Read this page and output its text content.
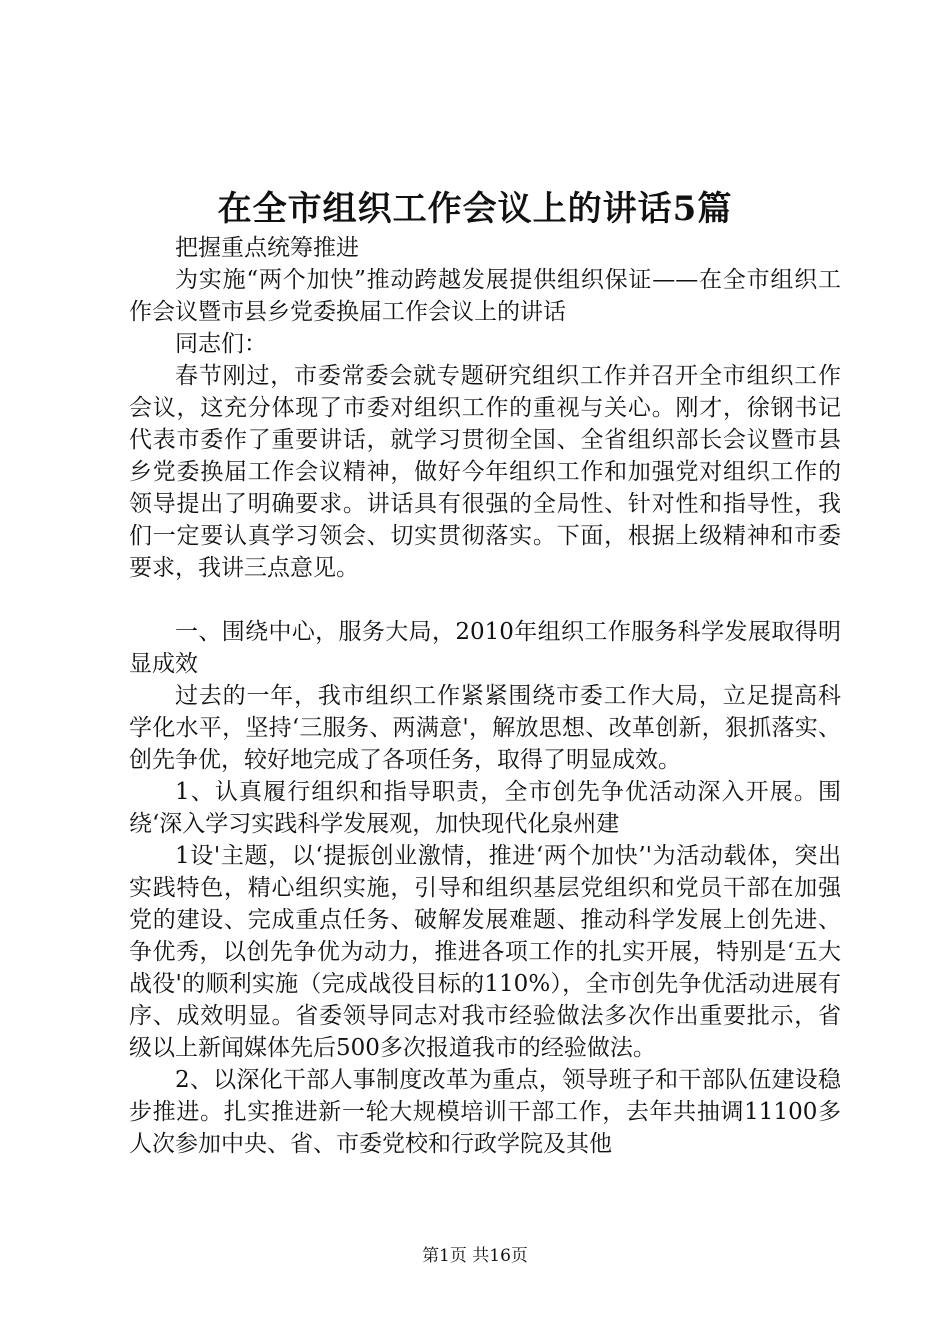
在全市组织工作会议上的讲话5篇

把握重点统筹推进

为实施“两个加快”推动跨越发展提供组织保证——在全市组织工作会议暨市县乡党委换届工作会议上的讲话

同志们：

春节刚过，市委常委会就专题研究组织工作并召开全市组织工作会议，这充分体现了市委对组织工作的重视与关心。刚才，徐钢书记代表市委作了重要讲话，就学习贯彻全国、全省组织部长会议暨市县乡党委换届工作会议精神，做好今年组织工作和加强党对组织工作的领导提出了明确要求。讲话具有很强的全局性、针对性和指导性，我们一定要认真学习领会、切实贯彻落实。下面，根据上级精神和市委要求，我讲三点意见。

一、围绕中心，服务大局，2010年组织工作服务科学发展取得明显成效

过去的一年，我市组织工作紧紧围绕市委工作大局，立足提高科学化水平，坚持‘三服务、两满意'，解放思想、改革创新，狠抓落实、创先争优，较好地完成了各项任务，取得了明显成效。

1、认真履行组织和指导职责，全市创先争优活动深入开展。围绕‘深入学习实践科学发展观，加快现代化泉州建

1设'主题，以‘提振创业激情，推进‘两个加快’'为活动载体，突出实践特色，精心组织实施，引导和组织基层党组织和党员干部在加强党的建设、完成重点任务、破解发展难题、推动科学发展上创先进、争优秀，以创先争优为动力，推进各项工作的扎实开展，特别是‘五大战役'的顺利实施（完成战役目标的110%），全市创先争优活动进展有序、成效明显。省委领导同志对我市经验做法多次作出重要批示，省级以上新闻媒体先后500多次报道我市的经验做法。

2、以深化干部人事制度改革为重点，领导班子和干部队伍建设稳步推进。扎实推进新一轮大规模培训干部工作，去年共抽调11100多人次参加中央、省、市委党校和行政学院及其他

第1页 共16页
